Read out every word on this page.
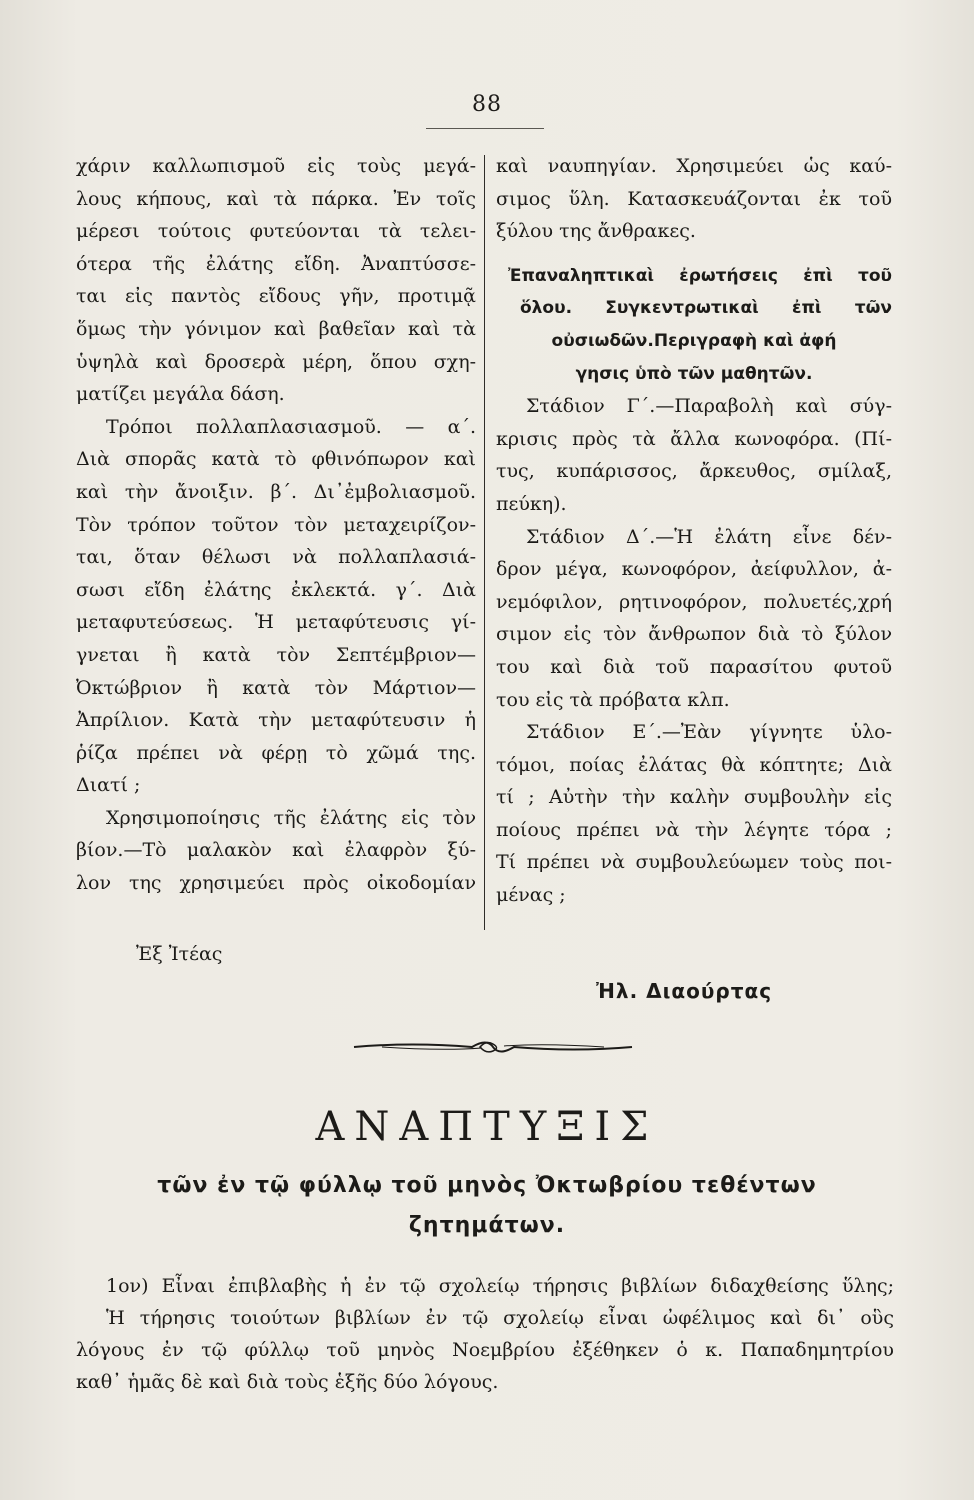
88
χάριν καλλωπισμοῦ εἰς τοὺς μεγά-
λους κήπους, καὶ τὰ πάρκα. Ἐν τοῖς
μέρεσι τούτοις φυτεύονται τὰ τελει-
ότερα τῆς ἐλάτης εἴδη. Ἀναπτύσσε-
ται εἰς παντὸς εἴδους γῆν, προτιμᾷ
ὅμως τὴν γόνιμον καὶ βαθεῖαν καὶ τὰ
ὑψηλὰ καὶ δροσερὰ μέρη, ὅπου σχη-
ματίζει μεγάλα δάση.
Τρόποι πολλαπλασιασμοῦ. — α΄.
Διὰ σπορᾶς κατὰ τὸ φθινόπωρον καὶ
καὶ τὴν ἄνοιξιν. β΄. Δι᾿ἐμβολιασμοῦ.
Τὸν τρόπον τοῦτον τὸν μεταχειρίζον-
ται, ὅταν θέλωσι νὰ πολλαπλασιά-
σωσι εἴδη ἐλάτης ἐκλεκτά. γ΄. Διὰ
μεταφυτεύσεως. Ἡ μεταφύτευσις γί-
γνεται ἢ κατὰ τὸν Σεπτέμβριον—
Ὀκτώβριον ἢ κατὰ τὸν Μάρτιον—
Ἀπρίλιον. Κατὰ τὴν μεταφύτευσιν ἡ
ῥίζα πρέπει νὰ φέρῃ τὸ χῶμά της.
Διατί ;
Χρησιμοποίησις τῆς ἐλάτης εἰς τὸν
βίον.—Τὸ μαλακὸν καὶ ἐλαφρὸν ξύ-
λον της χρησιμεύει πρὸς οἰκοδομίαν
καὶ ναυπηγίαν. Χρησιμεύει ὡς καύ-
σιμος ὕλη. Κατασκευάζονται ἐκ τοῦ
ξύλου της ἄνθρακες.
Ἐπαναληπτικαὶ ἐρωτήσεις ἐπὶ τοῦ
ὅλου. Συγκεντρωτικαὶ ἐπὶ τῶν
οὐσιωδῶν.Περιγραφὴ καὶ ἀφή
γησις ὑπὸ τῶν μαθητῶν.
Στάδιον Γ΄.—Παραβολὴ καὶ σύγ-
κρισις πρὸς τὰ ἄλλα κωνοφόρα. (Πί-
τυς, κυπάρισσος, ἄρκευθος, σμίλαξ,
πεύκη).
Στάδιον Δ΄.—Ἡ ἐλάτη εἶνε δέν-
δρον μέγα, κωνοφόρον, ἀείφυλλον, ἀ-
νεμόφιλον, ρητινοφόρον, πολυετές,χρή
σιμον εἰς τὸν ἄνθρωπον διὰ τὸ ξύλον
του καὶ διὰ τοῦ παρασίτου φυτοῦ
του εἰς τὰ πρόβατα κλπ.
Στάδιον Ε΄.—Ἐὰν γίγνητε ὑλο-
τόμοι, ποίας ἐλάτας θὰ κόπτητε; Διὰ
τί ; Αὐτὴν τὴν καλὴν συμβουλὴν εἰς
ποίους πρέπει νὰ τὴν λέγητε τόρα ;
Τί πρέπει νὰ συμβουλεύωμεν τοὺς ποι-
μένας ;
Ἐξ Ἰτέας
Ἠλ. Διαούρτας
ΑΝΑΠΤΥΞΙΣ
τῶν ἐν τῷ φύλλῳ τοῦ μηνὸς Ὀκτωβρίου τεθέντων
ζητημάτων.
1ον) Εἶναι ἐπιβλαβὴς ἡ ἐν τῷ σχολείῳ τήρησις βιβλίων διδαχθείσης ὕλης;
Ἡ τήρησις τοιούτων βιβλίων ἐν τῷ σχολείῳ εἶναι ὠφέλιμος καὶ δι᾿ οὓς
λόγους ἐν τῷ φύλλῳ τοῦ μηνὸς Νοεμβρίου ἐξέθηκεν ὁ κ. Παπαδημητρίου
καθ᾿ ἡμᾶς δὲ καὶ διὰ τοὺς ἑξῆς δύο λόγους.
